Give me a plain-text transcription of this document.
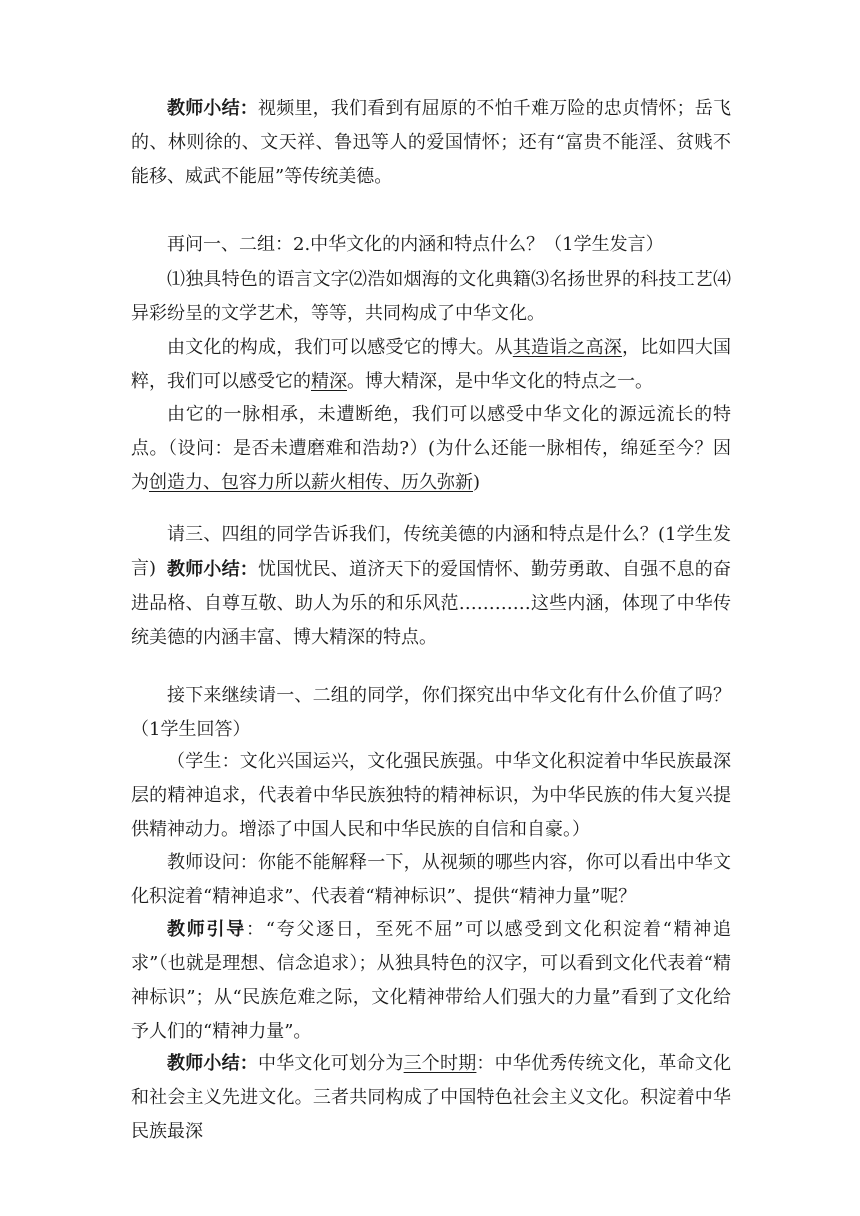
教师小结：视频里，我们看到有屈原的不怕千难万险的忠贞情怀；岳飞的、林则徐的、文天祥、鲁迅等人的爱国情怀；还有“富贵不能淫、贫贱不能移、威武不能屈”等传统美德。

再问一、二组：2.中华文化的内涵和特点什么？（1学生发言）

⑴独具特色的语言文字⑵浩如烟海的文化典籍⑶名扬世界的科技工艺⑷异彩纷呈的文学艺术，等等，共同构成了中华文化。

由文化的构成，我们可以感受它的博大。从其造诣之高深，比如四大国粹，我们可以感受它的精深。博大精深，是中华文化的特点之一。

由它的一脉相承，未遭断绝，我们可以感受中华文化的源远流长的特点。（设问：是否未遭磨难和浩劫?）(为什么还能一脉相传，绵延至今？因为创造力、包容力所以薪火相传、历久弥新)

请三、四组的同学告诉我们，传统美德的内涵和特点是什么？(1学生发言) 教师小结：忧国忧民、道济天下的爱国情怀、勤劳勇敢、自强不息的奋进品格、自尊互敬、助人为乐的和乐风范…………这些内涵，体现了中华传统美德的内涵丰富、博大精深的特点。

接下来继续请一、二组的同学，你们探究出中华文化有什么价值了吗？（1学生回答）

（学生：文化兴国运兴，文化强民族强。中华文化积淀着中华民族最深层的精神追求，代表着中华民族独特的精神标识，为中华民族的伟大复兴提供精神动力。增添了中国人民和中华民族的自信和自豪。）

教师设问：你能不能解释一下，从视频的哪些内容，你可以看出中华文化积淀着“精神追求”、代表着“精神标识”、提供“精神力量”呢？

教师引导：“夸父逐日，至死不屈”可以感受到文化积淀着“精神追求”（也就是理想、信念追求）；从独具特色的汉字，可以看到文化代表着“精神标识”；从“民族危难之际，文化精神带给人们强大的力量”看到了文化给予人们的“精神力量”。

教师小结：中华文化可划分为三个时期：中华优秀传统文化，革命文化和社会主义先进文化。三者共同构成了中国特色社会主义文化。积淀着中华民族最深
